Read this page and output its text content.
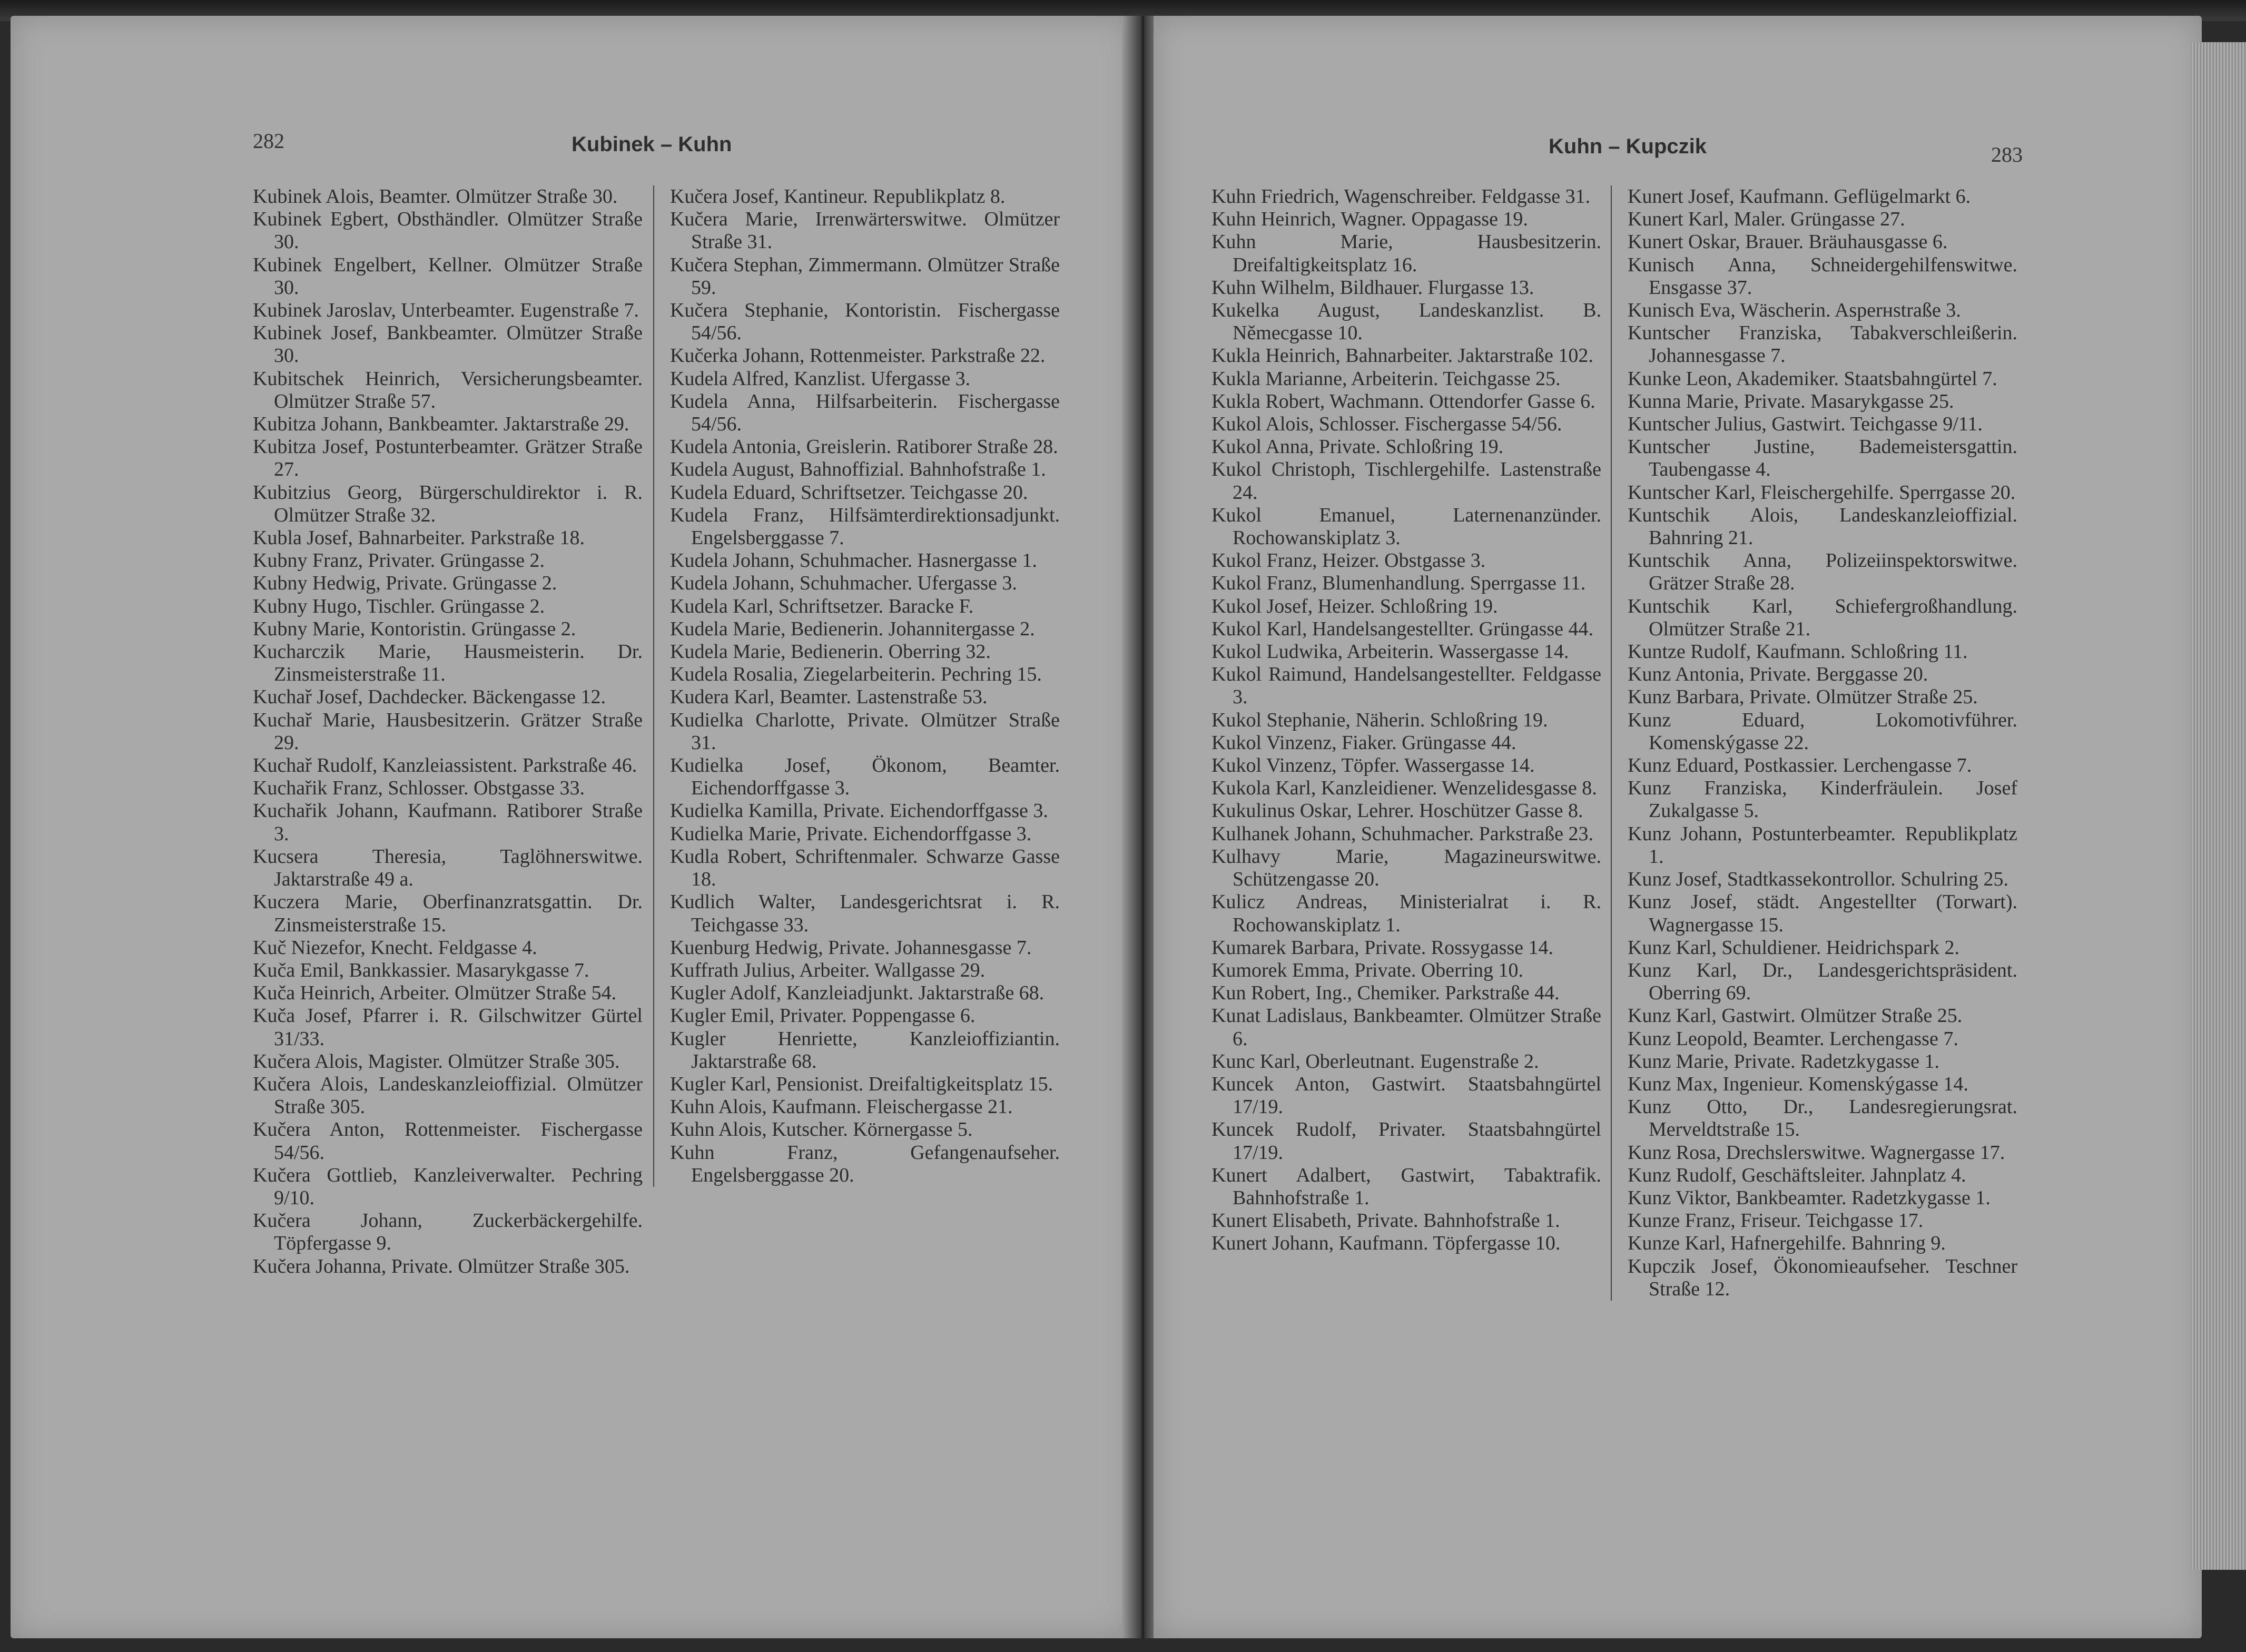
282	Kubinek – Kuhn	283
Kuhn – Kupczik
Kubinek Alois, Beamter. Olmützer Straße 30.
Kubinek Egbert, Obsthändler. Olmützer Straße 30.
Kubinek Engelbert, Kellner. Olmützer Straße 30.
Kubinek Jaroslav, Unterbeamter. Eugenstraße 7.
Kubinek Josef, Bankbeamter. Olmützer Straße 30.
Kubitschek Heinrich, Versicherungsbeamter. Olmützer Straße 57.
Kubitza Johann, Bankbeamter. Jaktarstraße 29.
Kubitza Josef, Postunterbeamter. Grätzer Straße 27.
Kubitzius Georg, Bürgerschuldirektor i. R. Olmützer Straße 32.
Kubla Josef, Bahnarbeiter. Parkstraße 18.
Kubny Franz, Privater. Grüngasse 2.
Kubny Hedwig, Private. Grüngasse 2.
Kubny Hugo, Tischler. Grüngasse 2.
Kubny Marie, Kontoristin. Grüngasse 2.
Kucharczik Marie, Hausmeisterin. Dr. Zinsmeisterstraße 11.
Kuchař Josef, Dachdecker. Bäckengasse 12.
Kuchař Marie, Hausbesitzerin. Grätzer Straße 29.
Kuchař Rudolf, Kanzleiassistent. Parkstraße 46.
Kuchařik Franz, Schlosser. Obstgasse 33.
Kuchařik Johann, Kaufmann. Ratiborer Straße 3.
Kucsera Theresia, Taglöhnerswitwe. Jaktarstraße 49 a.
Kuczera Marie, Oberfinanzratsgattin. Dr. Zinsmeisterstraße 15.
Kuč Niezefor, Knecht. Feldgasse 4.
Kuča Emil, Bankkassier. Masarykgasse 7.
Kuča Heinrich, Arbeiter. Olmützer Straße 54.
Kuča Josef, Pfarrer i. R. Gilschwitzer Gürtel 31/33.
Kučera Alois, Magister. Olmützer Straße 305.
Kučera Alois, Landeskanzleioffizial. Olmützer Straße 305.
Kučera Anton, Rottenmeister. Fischergasse 54/56.
Kučera Gottlieb, Kanzleiverwalter. Pechring 9/10.
Kučera Johann, Zuckerbäckergehilfe. Töpfergasse 9.
Kučera Johanna, Private. Olmützer Straße 305.
Kučera Josef, Kantineur. Republikplatz 8.
Kučera Marie, Irrenwärterswitwe. Olmützer Straße 31.
Kučera Stephan, Zimmermann. Olmützer Straße 59.
Kučera Stephanie, Kontoristin. Fischergasse 54/56.
Kučerka Johann, Rottenmeister. Parkstraße 22.
Kudela Alfred, Kanzlist. Ufergasse 3.
Kudela Anna, Hilfsarbeiterin. Fischergasse 54/56.
Kudela Antonia, Greislerin. Ratiborer Straße 28.
Kudela August, Bahnoffizial. Bahnhofstraße 1.
Kudela Eduard, Schriftsetzer. Teichgasse 20.
Kudela Franz, Hilfsämterdirektionsadjunkt. Engelsberggasse 7.
Kudela Johann, Schuhmacher. Hasnergasse 1.
Kudela Johann, Schuhmacher. Ufergasse 3.
Kudela Karl, Schriftsetzer. Baracke F.
Kudela Marie, Bedienerin. Johannitergasse 2.
Kudela Marie, Bedienerin. Oberring 32.
Kudela Rosalia, Ziegelarbeiterin. Pechring 15.
Kudera Karl, Beamter. Lastenstraße 53.
Kudielka Charlotte, Private. Olmützer Straße 31.
Kudielka Josef, Ökonom, Beamter. Eichendorffgasse 3.
Kudielka Kamilla, Private. Eichendorffgasse 3.
Kudielka Marie, Private. Eichendorffgasse 3.
Kudla Robert, Schriftenmaler. Schwarze Gasse 18.
Kudlich Walter, Landesgerichtsrat i. R. Teichgasse 33.
Kuenburg Hedwig, Private. Johannesgasse 7.
Kuffrath Julius, Arbeiter. Wallgasse 29.
Kugler Adolf, Kanzleiadjunkt. Jaktarstraße 68.
Kugler Emil, Privater. Poppengasse 6.
Kugler Henriette, Kanzleioffiziantin. Jaktarstraße 68.
Kugler Karl, Pensionist. Dreifaltigkeitsplatz 15.
Kuhn Alois, Kaufmann. Fleischergasse 21.
Kuhn Alois, Kutscher. Körnergasse 5.
Kuhn Franz, Gefangenaufseher. Engelsberggasse 20.
Kuhn Friedrich, Wagenschreiber. Feldgasse 31.
Kuhn Heinrich, Wagner. Oppagasse 19.
Kuhn Marie, Hausbesitzerin. Dreifaltigkeitsplatz 16.
Kuhn Wilhelm, Bildhauer. Flurgasse 13.
Kukelka August, Landeskanzlist. B. Němecgasse 10.
Kukla Heinrich, Bahnarbeiter. Jaktarstraße 102.
Kukla Marianne, Arbeiterin. Teichgasse 25.
Kukla Robert, Wachmann. Ottendorfer Gasse 6.
Kukol Alois, Schlosser. Fischergasse 54/56.
Kukol Anna, Private. Schloßring 19.
Kukol Christoph, Tischlergehilfe. Lastenstraße 24.
Kukol Emanuel, Laternenanzünder. Rochowanskiplatz 3.
Kukol Franz, Heizer. Obstgasse 3.
Kukol Franz, Blumenhandlung. Sperrgasse 11.
Kukol Josef, Heizer. Schloßring 19.
Kukol Karl, Handelsangestellter. Grüngasse 44.
Kukol Ludwika, Arbeiterin. Wassergasse 14.
Kukol Raimund, Handelsangestellter. Feldgasse 3.
Kukol Stephanie, Näherin. Schloßring 19.
Kukol Vinzenz, Fiaker. Grüngasse 44.
Kukol Vinzenz, Töpfer. Wassergasse 14.
Kukola Karl, Kanzleidiener. Wenzelidesgasse 8.
Kukulinus Oskar, Lehrer. Hoschützer Gasse 8.
Kulhanek Johann, Schuhmacher. Parkstraße 23.
Kulhavy Marie, Magazineurswitwe. Schützengasse 20.
Kulicz Andreas, Ministerialrat i. R. Rochowanskiplatz 1.
Kumarek Barbara, Private. Rossygasse 14.
Kumorek Emma, Private. Oberring 10.
Kun Robert, Ing., Chemiker. Parkstraße 44.
Kunat Ladislaus, Bankbeamter. Olmützer Straße 6.
Kunc Karl, Oberleutnant. Eugenstraße 2.
Kuncek Anton, Gastwirt. Staatsbahngürtel 17/19.
Kuncek Rudolf, Privater. Staatsbahngürtel 17/19.
Kunert Adalbert, Gastwirt, Tabaktrafik. Bahnhofstraße 1.
Kunert Elisabeth, Private. Bahnhofstraße 1.
Kunert Johann, Kaufmann. Töpfergasse 10.
Kunert Josef, Kaufmann. Geflügelmarkt 6.
Kunert Karl, Maler. Grüngasse 27.
Kunert Oskar, Brauer. Bräuhausgasse 6.
Kunisch Anna, Schneidergehilfenswitwe. Ensgasse 37.
Kunisch Eva, Wäscherin. Asperнstraße 3.
Kuntscher Franziska, Tabakverschleißerin. Johannesgasse 7.
Kunke Leon, Akademiker. Staatsbahngürtel 7.
Kunna Marie, Private. Masarykgasse 25.
Kuntscher Julius, Gastwirt. Teichgasse 9/11.
Kuntscher Justine, Bademeistersgattin. Taubengasse 4.
Kuntscher Karl, Fleischergehilfe. Sperrgasse 20.
Kuntschik Alois, Landeskanzleioffizial. Bahnring 21.
Kuntschik Anna, Polizeiinspektorswitwe. Grätzer Straße 28.
Kuntschik Karl, Schiefergroßhandlung. Olmützer Straße 21.
Kuntze Rudolf, Kaufmann. Schloßring 11.
Kunz Antonia, Private. Berggasse 20.
Kunz Barbara, Private. Olmützer Straße 25.
Kunz Eduard, Lokomotivführer. Komenskýgasse 22.
Kunz Eduard, Postkassier. Lerchengasse 7.
Kunz Franziska, Kinderfräulein. Josef Zukalgasse 5.
Kunz Johann, Postunterbeamter. Republikplatz 1.
Kunz Josef, Stadtkassekontrollor. Schulring 25.
Kunz Josef, städt. Angestellter (Torwart). Wagnergasse 15.
Kunz Karl, Schuldiener. Heidrichspark 2.
Kunz Karl, Dr., Landesgerichtspräsident. Oberring 69.
Kunz Karl, Gastwirt. Olmützer Straße 25.
Kunz Leopold, Beamter. Lerchengasse 7.
Kunz Marie, Private. Radetzkygasse 1.
Kunz Max, Ingenieur. Komenskýgasse 14.
Kunz Otto, Dr., Landesregierungsrat. Merveldtstraße 15.
Kunz Rosa, Drechslerswitwe. Wagnergasse 17.
Kunz Rudolf, Geschäftsleiter. Jahnplatz 4.
Kunz Viktor, Bankbeamter. Radetzkygasse 1.
Kunze Franz, Friseur. Teichgasse 17.
Kunze Karl, Hafnergehilfe. Bahnring 9.
Kupczik Josef, Ökonomieaufseher. Teschner Straße 12.
